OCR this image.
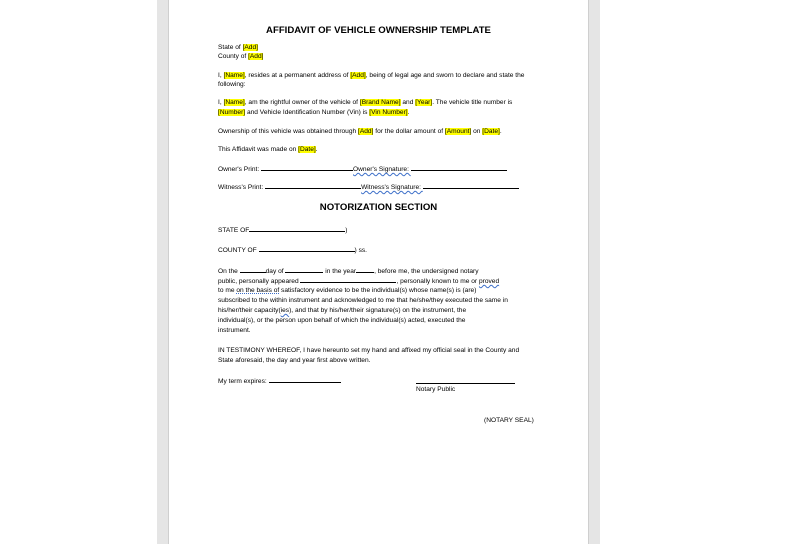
AFFIDAVIT OF VEHICLE OWNERSHIP TEMPLATE
State of [Add]
County of [Add]
I, [Name], resides at a permanent address of [Add], being of legal age and sworn to declare and state the
following:
I, [Name], am the rightful owner of the vehicle of [Brand Name] and [Year]. The vehicle title number is
[Number] and Vehicle Identification Number (Vin) is [Vin Number].
Ownership of this vehicle was obtained through [Add] for the dollar amount of [Amount] on [Date].
This Affidavit was made on [Date].
Owner's Print:	Owner's Signature:
Witness's Print:	Witness's Signature:
NOTORIZATION SECTION
STATE OF	)
COUNTY OF	) ss.
On the	day of	in the year	, before me, the undersigned notary
public, personally appeared	, personally known to me or proved
to me on the basis of satisfactory evidence to be the individual(s) whose name(s) is (are)
subscribed to the within instrument and acknowledged to me that he/she/they executed the same in
his/her/their capacity(ies), and that by his/her/their signature(s) on the instrument, the
individual(s), or the person upon behalf of which the individual(s) acted, executed the
instrument.
IN TESTIMONY WHEREOF, I have hereunto set my hand and affixed my official seal in the County and
State aforesaid, the day and year first above written.
My term expires:
Notary Public
(NOTARY SEAL)
